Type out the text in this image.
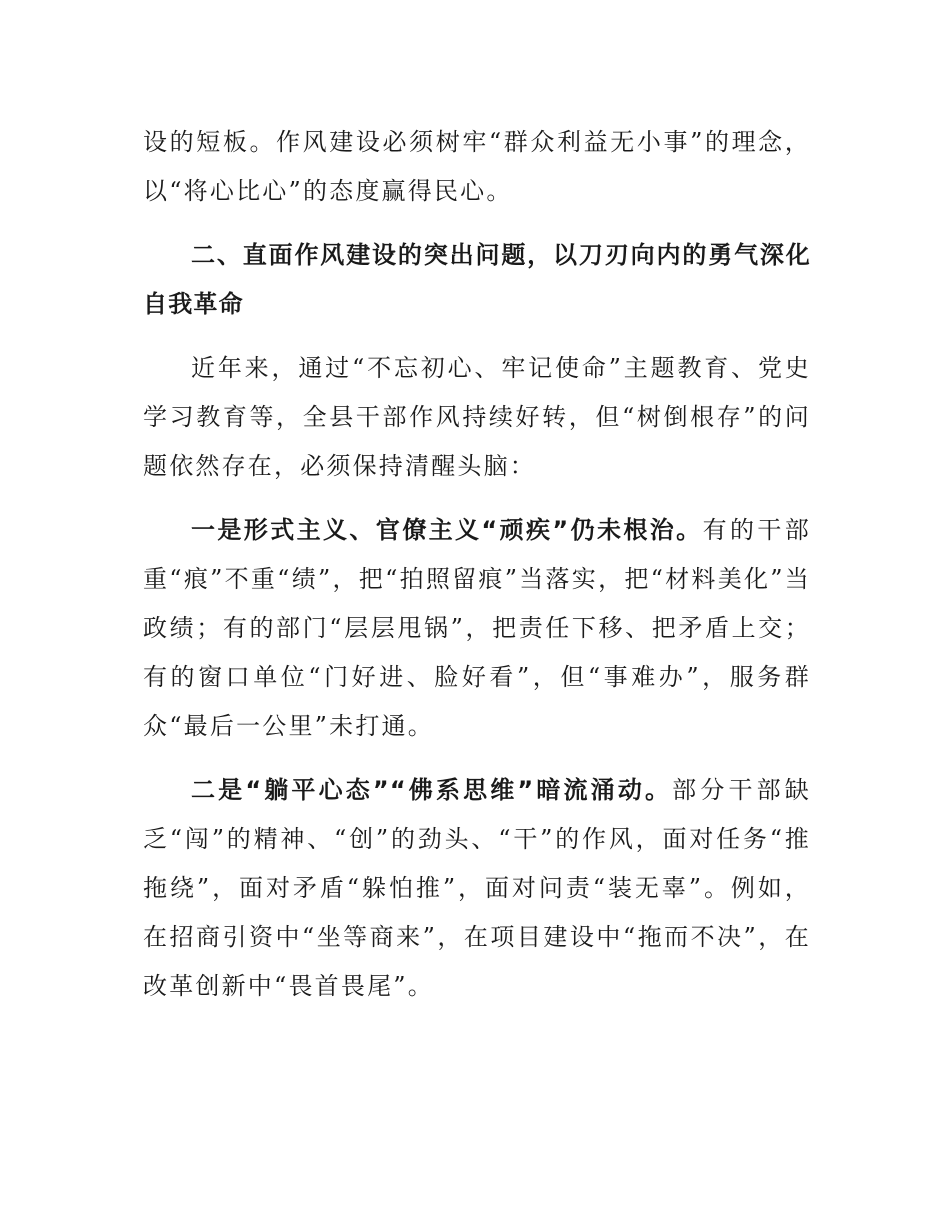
设的短板。作风建设必须树牢“群众利益无小事”的理念，以“将心比心”的态度赢得民心。

二、直面作风建设的突出问题，以刀刃向内的勇气深化自我革命

近年来，通过“不忘初心、牢记使命”主题教育、党史学习教育等，全县干部作风持续好转，但“树倒根存”的问题依然存在，必须保持清醒头脑：

一是形式主义、官僚主义“顽疾”仍未根治。有的干部重“痕”不重“绩”，把“拍照留痕”当落实，把“材料美化”当政绩；有的部门“层层甩锅”，把责任下移、把矛盾上交；有的窗口单位“门好进、脸好看”，但“事难办”，服务群众“最后一公里”未打通。

二是“躺平心态”“佛系思维”暗流涌动。部分干部缺乏“闯”的精神、“创”的劲头、“干”的作风，面对任务“推拖绕”，面对矛盾“躲怕推”，面对问责“装无辜”。例如，在招商引资中“坐等商来”，在项目建设中“拖而不决”，在改革创新中“畏首畏尾”。
